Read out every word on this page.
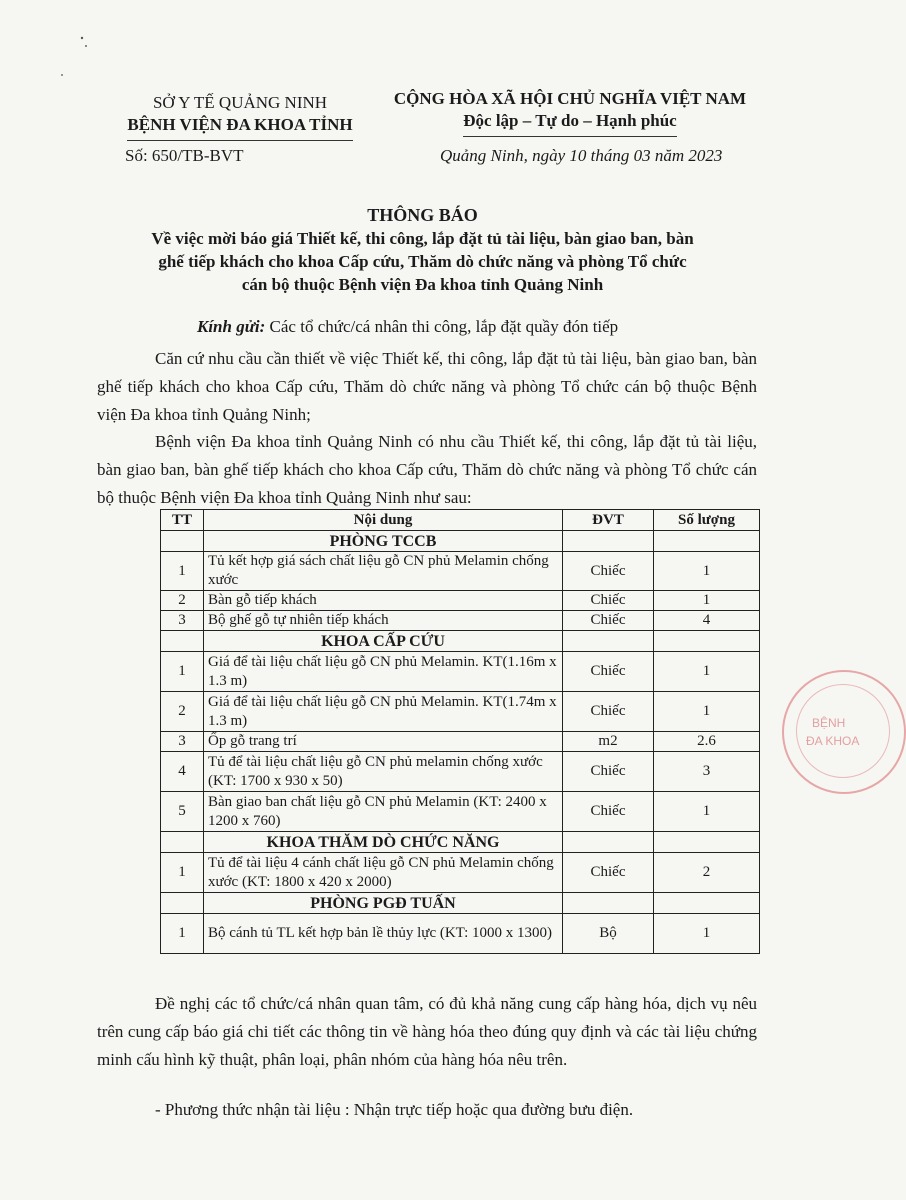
SỞ Y TẾ QUẢNG NINH
BỆNH VIỆN ĐA KHOA TỈNH
Số: 650/TB-BVT
CỘNG HÒA XÃ HỘI CHỦ NGHĨA VIỆT NAM
Độc lập – Tự do – Hạnh phúc
Quảng Ninh, ngày 10 tháng 03 năm 2023
THÔNG BÁO
Về việc mời báo giá Thiết kế, thi công, lắp đặt tủ tài liệu, bàn giao ban, bàn
ghế tiếp khách cho khoa Cấp cứu, Thăm dò chức năng và phòng Tổ chức
cán bộ thuộc Bệnh viện Đa khoa tỉnh Quảng Ninh
Kính gửi: Các tổ chức/cá nhân thi công, lắp đặt quầy đón tiếp
Căn cứ nhu cầu cần thiết về việc Thiết kế, thi công, lắp đặt tủ tài liệu, bàn giao ban, bàn ghế tiếp khách cho khoa Cấp cứu, Thăm dò chức năng và phòng Tổ chức cán bộ thuộc Bệnh viện Đa khoa tỉnh Quảng Ninh;
Bệnh viện Đa khoa tỉnh Quảng Ninh có nhu cầu Thiết kế, thi công, lắp đặt tủ tài liệu, bàn giao ban, bàn ghế tiếp khách cho khoa Cấp cứu, Thăm dò chức năng và phòng Tổ chức cán bộ thuộc Bệnh viện Đa khoa tỉnh Quảng Ninh như sau:
TT	Nội dung	ĐVT	Số lượng
	PHÒNG TCCB		
1	Tủ kết hợp giá sách chất liệu gỗ CN phủ Melamin chống xước	Chiếc	1
2	Bàn gỗ tiếp khách	Chiếc	1
3	Bộ ghế gỗ tự nhiên tiếp khách	Chiếc	4
	KHOA CẤP CỨU		
1	Giá để tài liệu chất liệu gỗ CN phủ Melamin. KT(1.16m x 1.3 m)	Chiếc	1
2	Giá để tài liệu chất liệu gỗ CN phủ Melamin. KT(1.74m x 1.3 m)	Chiếc	1
3	Ốp gỗ trang trí	m2	2.6
4	Tủ để tài liệu chất liệu gỗ CN phủ melamin chống xước (KT: 1700 x 930 x 50)	Chiếc	3
5	Bàn giao ban chất liệu gỗ CN phủ Melamin (KT: 2400 x 1200 x 760)	Chiếc	1
	KHOA THĂM DÒ CHỨC NĂNG		
1	Tủ để tài liệu 4 cánh chất liệu gỗ CN phủ Melamin chống xước (KT: 1800 x 420 x 2000)	Chiếc	2
	PHÒNG PGĐ TUẤN		
1	Bộ cánh tủ TL kết hợp bản lề thủy lực (KT: 1000 x 1300)	Bộ	1
Đề nghị các tổ chức/cá nhân quan tâm, có đủ khả năng cung cấp hàng hóa, dịch vụ nêu trên cung cấp báo giá chi tiết các thông tin về hàng hóa theo đúng quy định và các tài liệu chứng minh cấu hình kỹ thuật, phân loại, phân nhóm của hàng hóa nêu trên.
- Phương thức nhận tài liệu : Nhận trực tiếp hoặc qua đường bưu điện.
BỆNH
ĐA KHOA
